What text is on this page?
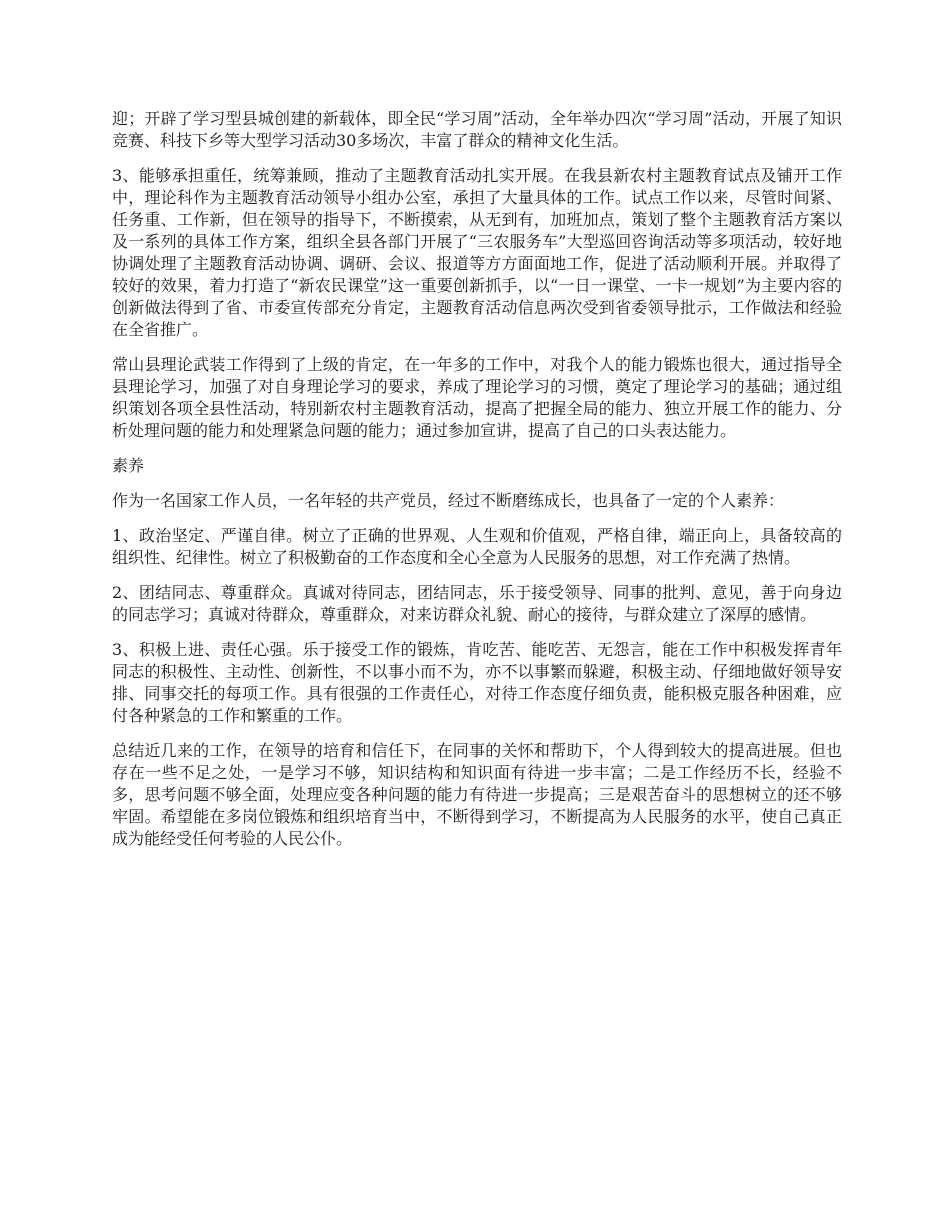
迎；开辟了学习型县城创建的新载体，即全民“学习周”活动，全年举办四次“学习周”活动，开展了知识竞赛、科技下乡等大型学习活动30多场次，丰富了群众的精神文化生活。

3、能够承担重任，统筹兼顾，推动了主题教育活动扎实开展。在我县新农村主题教育试点及铺开工作中，理论科作为主题教育活动领导小组办公室，承担了大量具体的工作。试点工作以来，尽管时间紧、任务重、工作新，但在领导的指导下，不断摸索，从无到有，加班加点，策划了整个主题教育活方案以及一系列的具体工作方案，组织全县各部门开展了“三农服务车”大型巡回咨询活动等多项活动，较好地协调处理了主题教育活动协调、调研、会议、报道等方方面面地工作，促进了活动顺利开展。并取得了较好的效果，着力打造了“新农民课堂”这一重要创新抓手，以“一日一课堂、一卡一规划”为主要内容的创新做法得到了省、市委宣传部充分肯定，主题教育活动信息两次受到省委领导批示，工作做法和经验在全省推广。

常山县理论武装工作得到了上级的肯定，在一年多的工作中，对我个人的能力锻炼也很大，通过指导全县理论学习，加强了对自身理论学习的要求，养成了理论学习的习惯，奠定了理论学习的基础；通过组织策划各项全县性活动，特别新农村主题教育活动，提高了把握全局的能力、独立开展工作的能力、分析处理问题的能力和处理紧急问题的能力；通过参加宣讲，提高了自己的口头表达能力。

素养

作为一名国家工作人员，一名年轻的共产党员，经过不断磨练成长，也具备了一定的个人素养：

1、政治坚定、严谨自律。树立了正确的世界观、人生观和价值观，严格自律，端正向上，具备较高的组织性、纪律性。树立了积极勤奋的工作态度和全心全意为人民服务的思想，对工作充满了热情。

2、团结同志、尊重群众。真诚对待同志，团结同志，乐于接受领导、同事的批判、意见，善于向身边的同志学习；真诚对待群众，尊重群众，对来访群众礼貌、耐心的接待，与群众建立了深厚的感情。

3、积极上进、责任心强。乐于接受工作的锻炼，肯吃苦、能吃苦、无怨言，能在工作中积极发挥青年同志的积极性、主动性、创新性，不以事小而不为，亦不以事繁而躲避，积极主动、仔细地做好领导安排、同事交托的每项工作。具有很强的工作责任心，对待工作态度仔细负责，能积极克服各种困难，应付各种紧急的工作和繁重的工作。

总结近几来的工作，在领导的培育和信任下，在同事的关怀和帮助下，个人得到较大的提高进展。但也存在一些不足之处，一是学习不够，知识结构和知识面有待进一步丰富；二是工作经历不长，经验不多，思考问题不够全面，处理应变各种问题的能力有待进一步提高；三是艰苦奋斗的思想树立的还不够牢固。希望能在多岗位锻炼和组织培育当中，不断得到学习，不断提高为人民服务的水平，使自己真正成为能经受任何考验的人民公仆。
